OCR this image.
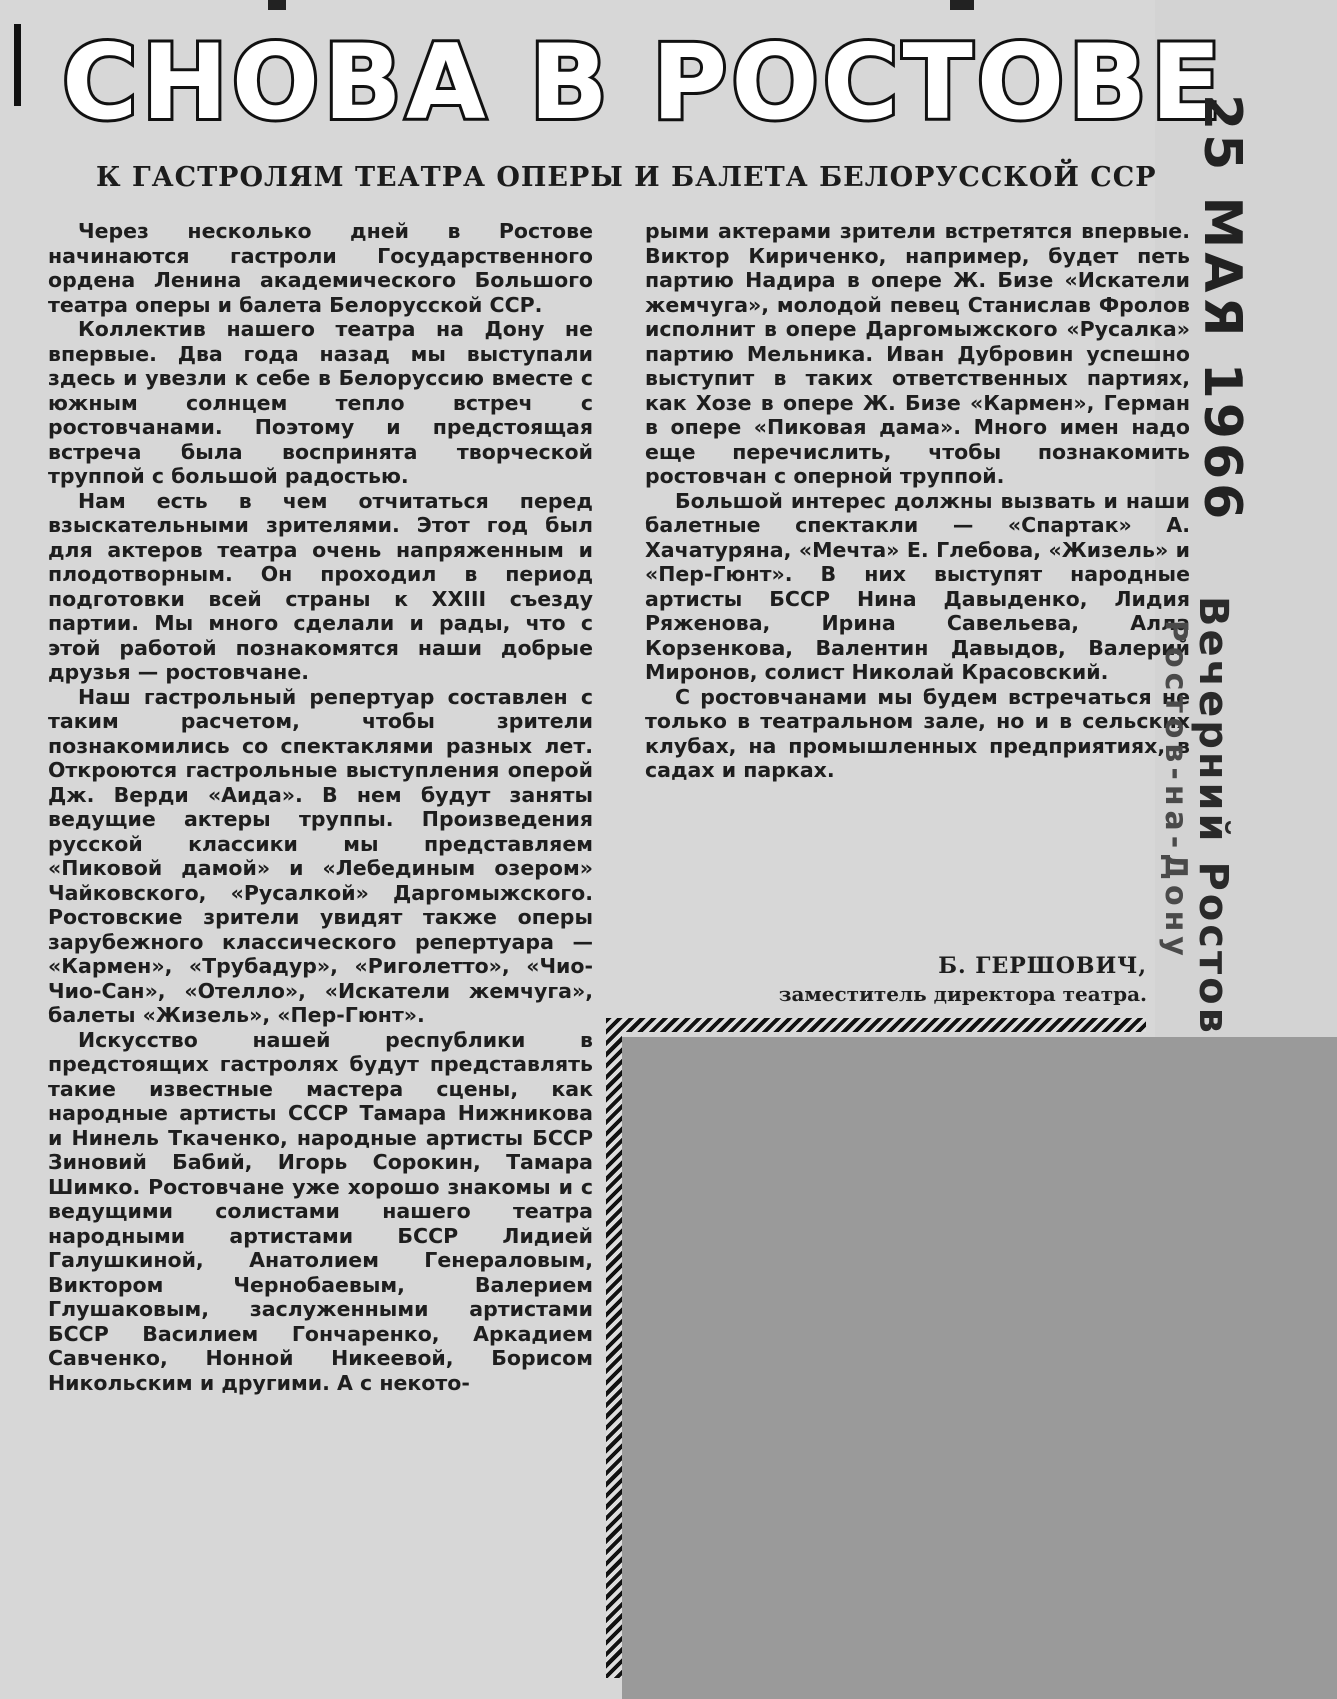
СНОВА В РОСТОВЕ
К ГАСТРОЛЯМ ТЕАТРА ОПЕРЫ И БАЛЕТА БЕЛОРУССКОЙ ССР

Через несколько дней в Ростове начинаются гастроли Государственного ордена Ленина академического Большого театра оперы и балета Белорусской ССР.

Коллектив нашего театра на Дону не впервые. Два года назад мы выступали здесь и увезли к себе в Белоруссию вместе с южным солнцем тепло встреч с ростовчанами. Поэтому и предстоящая встреча была воспринята творческой труппой с большой радостью.

Нам есть в чем отчитаться перед взыскательными зрителями. Этот год был для актеров театра очень напряженным и плодотворным. Он проходил в период подготовки всей страны к XXIII съезду партии. Мы много сделали и рады, что с этой работой познакомятся наши добрые друзья — ростовчане.

Наш гастрольный репертуар составлен с таким расчетом, чтобы зрители познакомились со спектаклями разных лет. Откроются гастрольные выступления оперой Дж. Верди «Аида». В нем будут заняты ведущие актеры труппы. Произведения русской классики мы представляем «Пиковой дамой» и «Лебединым озером» Чайковского, «Русалкой» Даргомыжского. Ростовские зрители увидят также оперы зарубежного классического репертуара — «Кармен», «Трубадур», «Риголетто», «Чио-Чио-Сан», «Отелло», «Искатели жемчуга», балеты «Жизель», «Пер-Гюнт».

Искусство нашей республики в предстоящих гастролях будут представлять такие известные мастера сцены, как народные артисты СССР Тамара Нижникова и Нинель Ткаченко, народные артисты БССР Зиновий Бабий, Игорь Сорокин, Тамара Шимко. Ростовчане уже хорошо знакомы и с ведущими солистами нашего театра народными артистами БССР Лидией Галушкиной, Анатолием Генераловым, Виктором Чернобаевым, Валерием Глушаковым, заслуженными артистами БССР Василием Гончаренко, Аркадием Савченко, Нонной Никеевой, Борисом Никольским и другими. А с некото-

рыми актерами зрители встретятся впервые. Виктор Кириченко, например, будет петь партию Надира в опере Ж. Бизе «Искатели жемчуга», молодой певец Станислав Фролов исполнит в опере Даргомыжского «Русалка» партию Мельника. Иван Дубровин успешно выступит в таких ответственных партиях, как Хозе в опере Ж. Бизе «Кармен», Герман в опере «Пиковая дама». Много имен надо еще перечислить, чтобы познакомить ростовчан с оперной труппой.

Большой интерес должны вызвать и наши балетные спектакли — «Спартак» А. Хачатуряна, «Мечта» Е. Глебова, «Жизель» и «Пер-Гюнт». В них выступят народные артисты БССР Нина Давыденко, Лидия Ряженова, Ирина Савельева, Алла Корзенкова, Валентин Давыдов, Валерий Миронов, солист Николай Красовский.

С ростовчанами мы будем встречаться не только в театральном зале, но и в сельских клубах, на промышленных предприятиях, в садах и парках.

Б. ГЕРШОВИЧ,
заместитель директора театра.
25 МАЯ 1966
Вечерний Ростов
Ростов-на-Дону
